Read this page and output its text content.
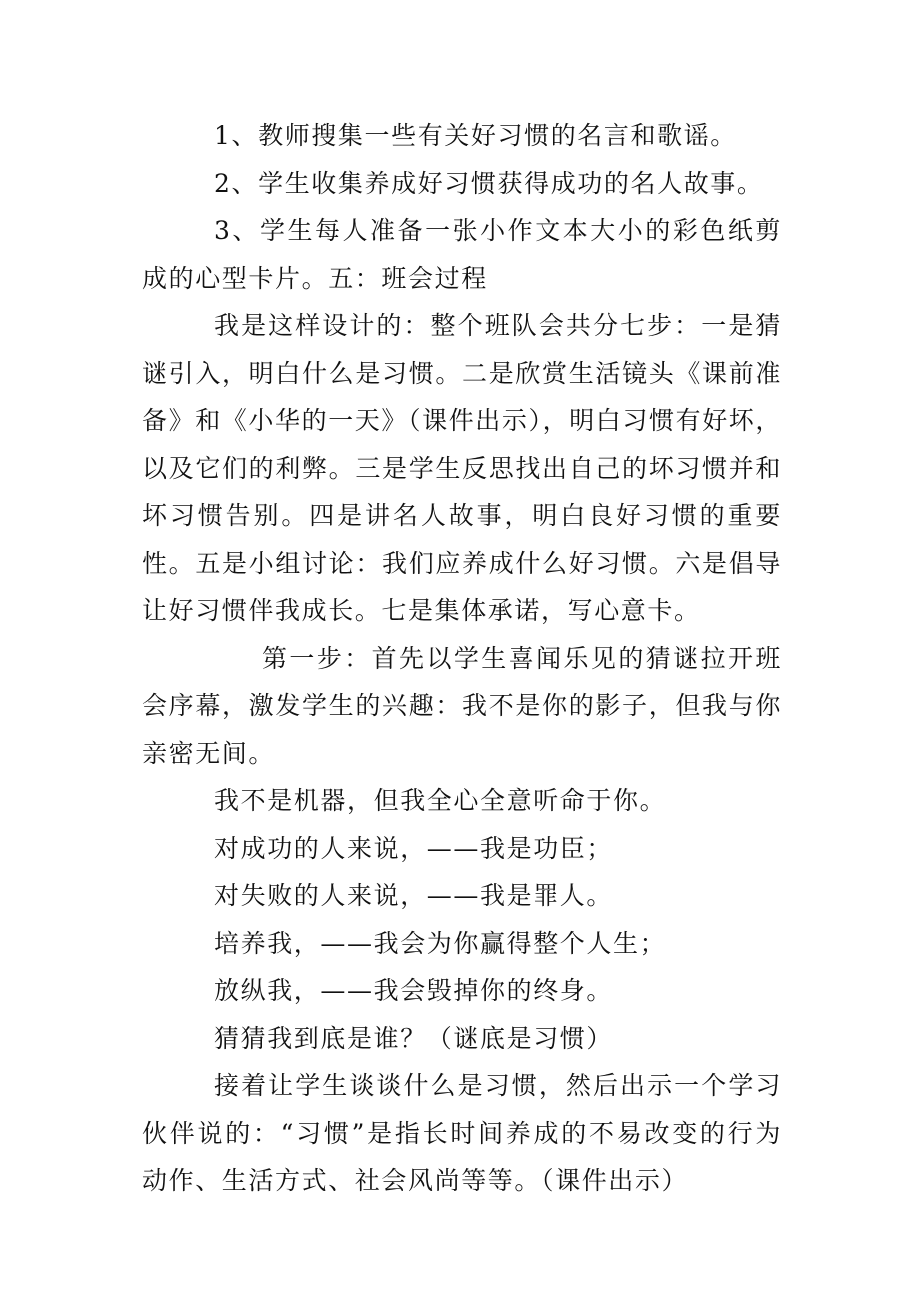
1、教师搜集一些有关好习惯的名言和歌谣。

2、学生收集养成好习惯获得成功的名人故事。

3、学生每人准备一张小作文本大小的彩色纸剪成的心型卡片。五：班会过程

我是这样设计的：整个班队会共分七步：一是猜谜引入，明白什么是习惯。二是欣赏生活镜头《课前准备》和《小华的一天》（课件出示），明白习惯有好坏，以及它们的利弊。三是学生反思找出自己的坏习惯并和坏习惯告别。四是讲名人故事，明白良好习惯的重要性。五是小组讨论：我们应养成什么好习惯。六是倡导让好习惯伴我成长。七是集体承诺，写心意卡。

第一步：首先以学生喜闻乐见的猜谜拉开班会序幕，激发学生的兴趣：我不是你的影子，但我与你亲密无间。

我不是机器，但我全心全意听命于你。

对成功的人来说，——我是功臣；

对失败的人来说，——我是罪人。

培养我，——我会为你赢得整个人生；

放纵我，——我会毁掉你的终身。

猜猜我到底是谁？（谜底是习惯）

接着让学生谈谈什么是习惯，然后出示一个学习伙伴说的：“习惯”是指长时间养成的不易改变的行为动作、生活方式、社会风尚等等。（课件出示）
